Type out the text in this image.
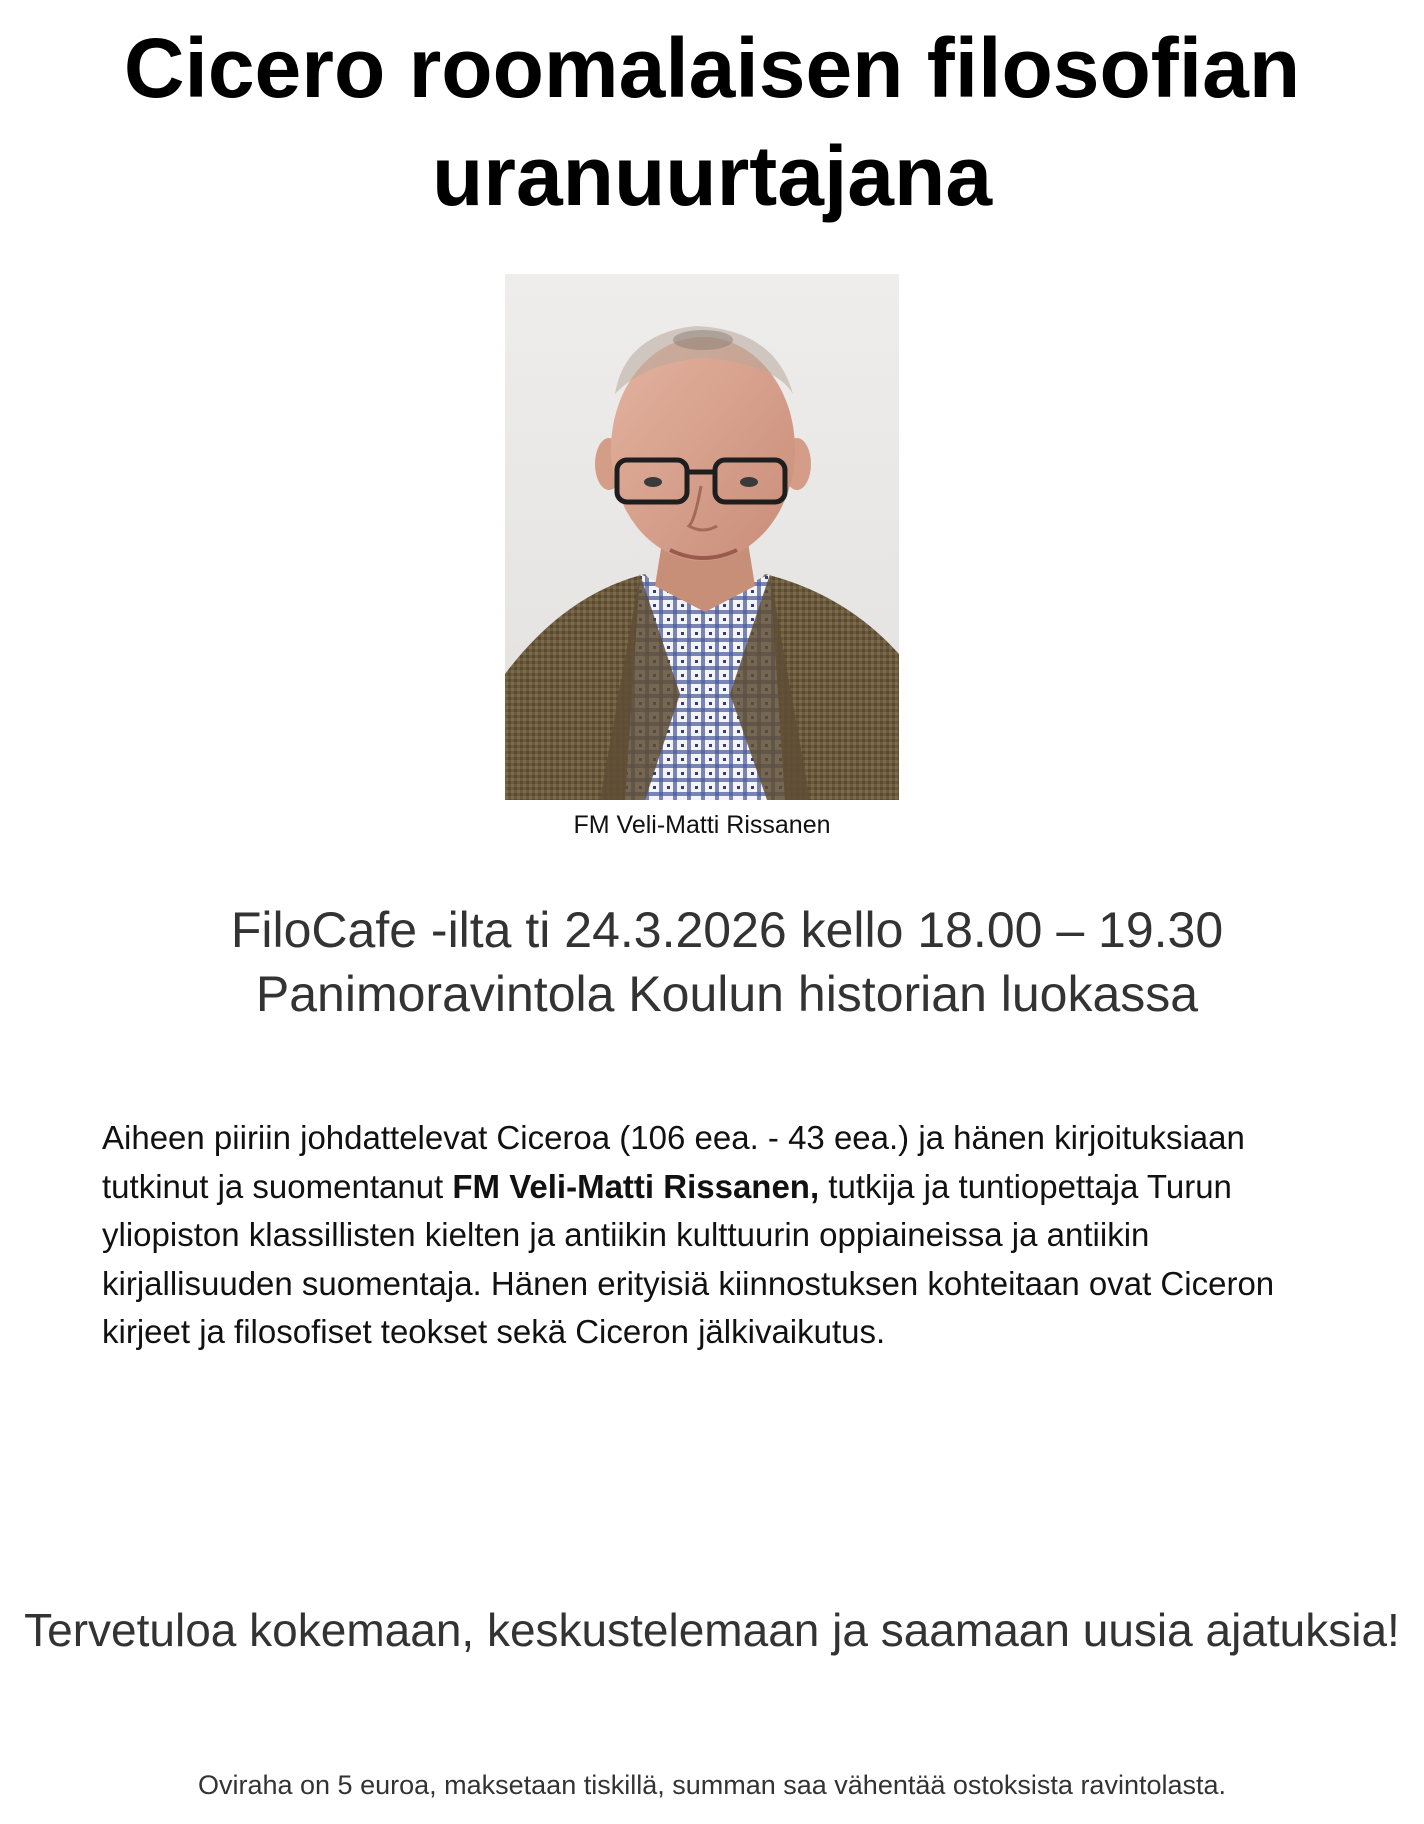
Cicero roomalaisen filosofian uranuurtajana
FM Veli-Matti Rissanen
FiloCafe -ilta ti 24.3.2026 kello 18.00 – 19.30
Panimoravintola Koulun historian luokassa

Aiheen piiriin johdattelevat Ciceroa (106 eea. - 43 eea.) ja hänen kirjoituksiaan tutkinut ja suomentanut FM Veli-Matti Rissanen, tutkija ja tuntiopettaja Turun yliopiston klassillisten kielten ja antiikin kulttuurin oppiaineissa ja antiikin kirjallisuuden suomentaja. Hänen erityisiä kiinnostuksen kohteitaan ovat Ciceron kirjeet ja filosofiset teokset sekä Ciceron jälkivaikutus.

Tervetuloa kokemaan, keskustelemaan ja saamaan uusia ajatuksia!
Oviraha on 5 euroa, maksetaan tiskillä, summan saa vähentää ostoksista ravintolasta.
